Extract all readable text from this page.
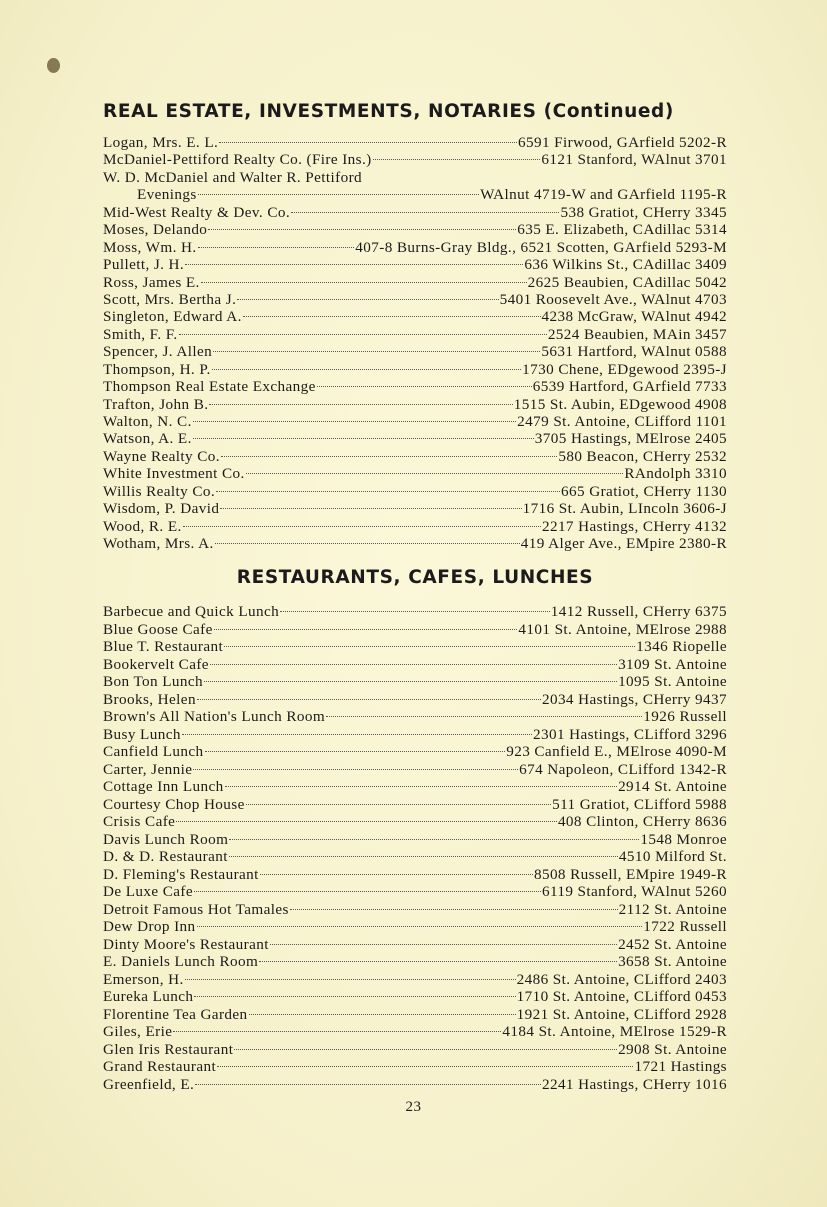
REAL ESTATE, INVESTMENTS, NOTARIES (Continued)
Logan, Mrs. E. L.	6591 Firwood, GArfield 5202-R
McDaniel-Pettiford Realty Co. (Fire Ins.)	6121 Stanford, WAlnut 3701
W. D. McDaniel and Walter R. Pettiford
Evenings	WAlnut 4719-W and GArfield 1195-R
Mid-West Realty & Dev. Co.	538 Gratiot, CHerry 3345
Moses, Delando	635 E. Elizabeth, CAdillac 5314
Moss, Wm. H.	407-8 Burns-Gray Bldg., 6521 Scotten, GArfield 5293-M
Pullett, J. H.	636 Wilkins St., CAdillac 3409
Ross, James E.	2625 Beaubien, CAdillac 5042
Scott, Mrs. Bertha J.	5401 Roosevelt Ave., WAlnut 4703
Singleton, Edward A.	4238 McGraw, WAlnut 4942
Smith, F. F.	2524 Beaubien, MAin 3457
Spencer, J. Allen	5631 Hartford, WAlnut 0588
Thompson, H. P.	1730 Chene, EDgewood 2395-J
Thompson Real Estate Exchange	6539 Hartford, GArfield 7733
Trafton, John B.	1515 St. Aubin, EDgewood 4908
Walton, N. C.	2479 St. Antoine, CLifford 1101
Watson, A. E.	3705 Hastings, MElrose 2405
Wayne Realty Co.	580 Beacon, CHerry 2532
White Investment Co.	RAndolph 3310
Willis Realty Co.	665 Gratiot, CHerry 1130
Wisdom, P. David	1716 St. Aubin, LIncoln 3606-J
Wood, R. E.	2217 Hastings, CHerry 4132
Wotham, Mrs. A.	419 Alger Ave., EMpire 2380-R
RESTAURANTS, CAFES, LUNCHES
Barbecue and Quick Lunch	1412 Russell, CHerry 6375
Blue Goose Cafe	4101 St. Antoine, MElrose 2988
Blue T. Restaurant	1346 Riopelle
Bookervelt Cafe	3109 St. Antoine
Bon Ton Lunch	1095 St. Antoine
Brooks, Helen	2034 Hastings, CHerry 9437
Brown's All Nation's Lunch Room	1926 Russell
Busy Lunch	2301 Hastings, CLifford 3296
Canfield Lunch	923 Canfield E., MElrose 4090-M
Carter, Jennie	674 Napoleon, CLifford 1342-R
Cottage Inn Lunch	2914 St. Antoine
Courtesy Chop House	511 Gratiot, CLifford 5988
Crisis Cafe	408 Clinton, CHerry 8636
Davis Lunch Room	1548 Monroe
D. & D. Restaurant	4510 Milford St.
D. Fleming's Restaurant	8508 Russell, EMpire 1949-R
De Luxe Cafe	6119 Stanford, WAlnut 5260
Detroit Famous Hot Tamales	2112 St. Antoine
Dew Drop Inn	1722 Russell
Dinty Moore's Restaurant	2452 St. Antoine
E. Daniels Lunch Room	3658 St. Antoine
Emerson, H.	2486 St. Antoine, CLifford 2403
Eureka Lunch	1710 St. Antoine, CLifford 0453
Florentine Tea Garden	1921 St. Antoine, CLifford 2928
Giles, Erie	4184 St. Antoine, MElrose 1529-R
Glen Iris Restaurant	2908 St. Antoine
Grand Restaurant	1721 Hastings
Greenfield, E.	2241 Hastings, CHerry 1016
23
